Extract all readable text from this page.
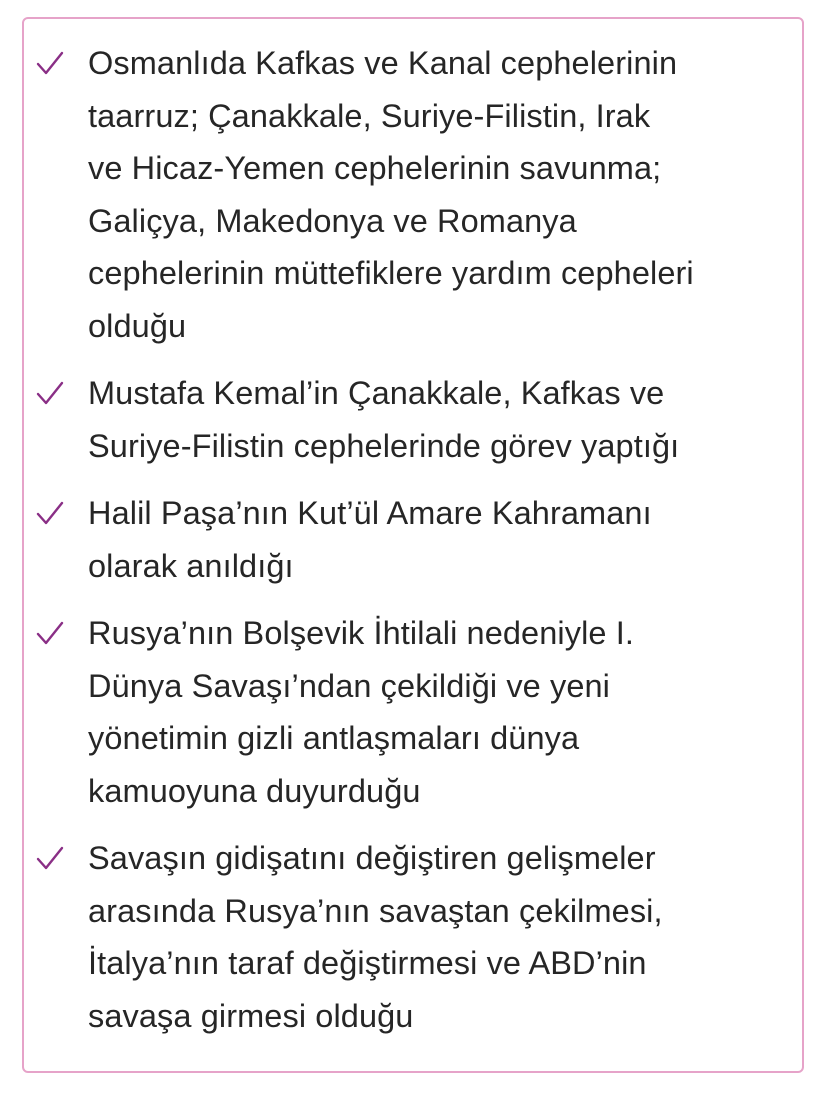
Osmanlıda Kafkas ve Kanal cephelerinin
taarruz; Çanakkale, Suriye-Filistin, Irak
ve Hicaz-Yemen cephelerinin savunma;
Galiçya, Makedonya ve Romanya
cephelerinin müttefiklere yardım cepheleri
olduğu

Mustafa Kemal’in Çanakkale, Kafkas ve
Suriye-Filistin cephelerinde görev yaptığı

Halil Paşa’nın Kut’ül Amare Kahramanı
olarak anıldığı

Rusya’nın Bolşevik İhtilali nedeniyle I.
Dünya Savaşı’ndan çekildiği ve yeni
yönetimin gizli antlaşmaları dünya
kamuoyuna duyurduğu

Savaşın gidişatını değiştiren gelişmeler
arasında Rusya’nın savaştan çekilmesi,
İtalya’nın taraf değiştirmesi ve ABD’nin
savaşa girmesi olduğu
